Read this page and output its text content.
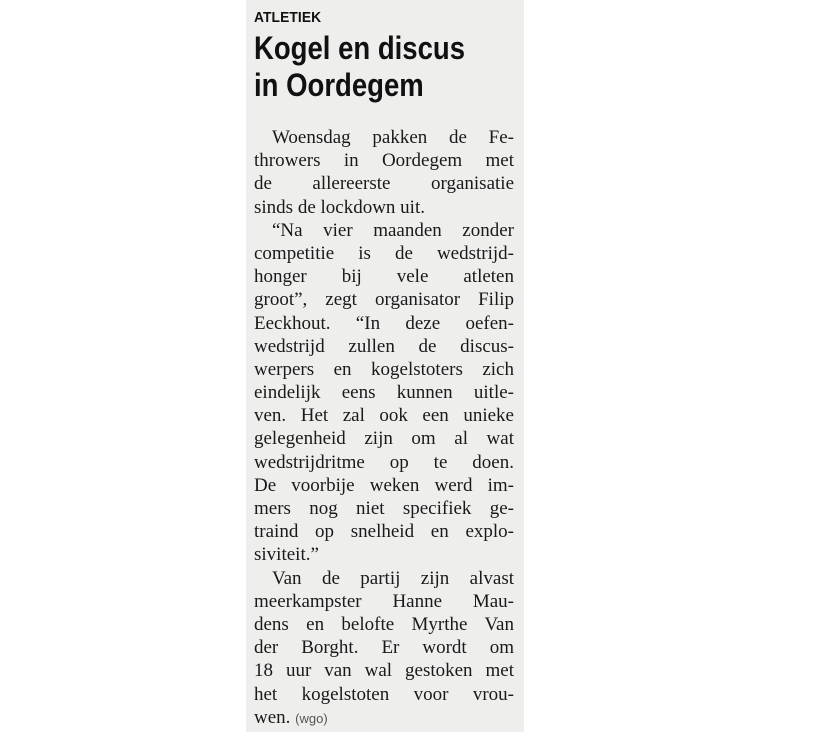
ATLETIEK
Kogel en discus
in Oordegem
Woensdag pakken de Fe-
throwers in Oordegem met
de allereerste organisatie
sinds de lockdown uit.
“Na vier maanden zonder
competitie is de wedstrijd-
honger bij vele atleten
groot”, zegt organisator Filip
Eeckhout. “In deze oefen-
wedstrijd zullen de discus-
werpers en kogelstoters zich
eindelijk eens kunnen uitle-
ven. Het zal ook een unieke
gelegenheid zijn om al wat
wedstrijdritme op te doen.
De voorbije weken werd im-
mers nog niet specifiek ge-
traind op snelheid en explo-
siviteit.”
Van de partij zijn alvast
meerkampster Hanne Mau-
dens en belofte Myrthe Van
der Borght. Er wordt om
18 uur van wal gestoken met
het kogelstoten voor vrou-
wen. (wgo)
